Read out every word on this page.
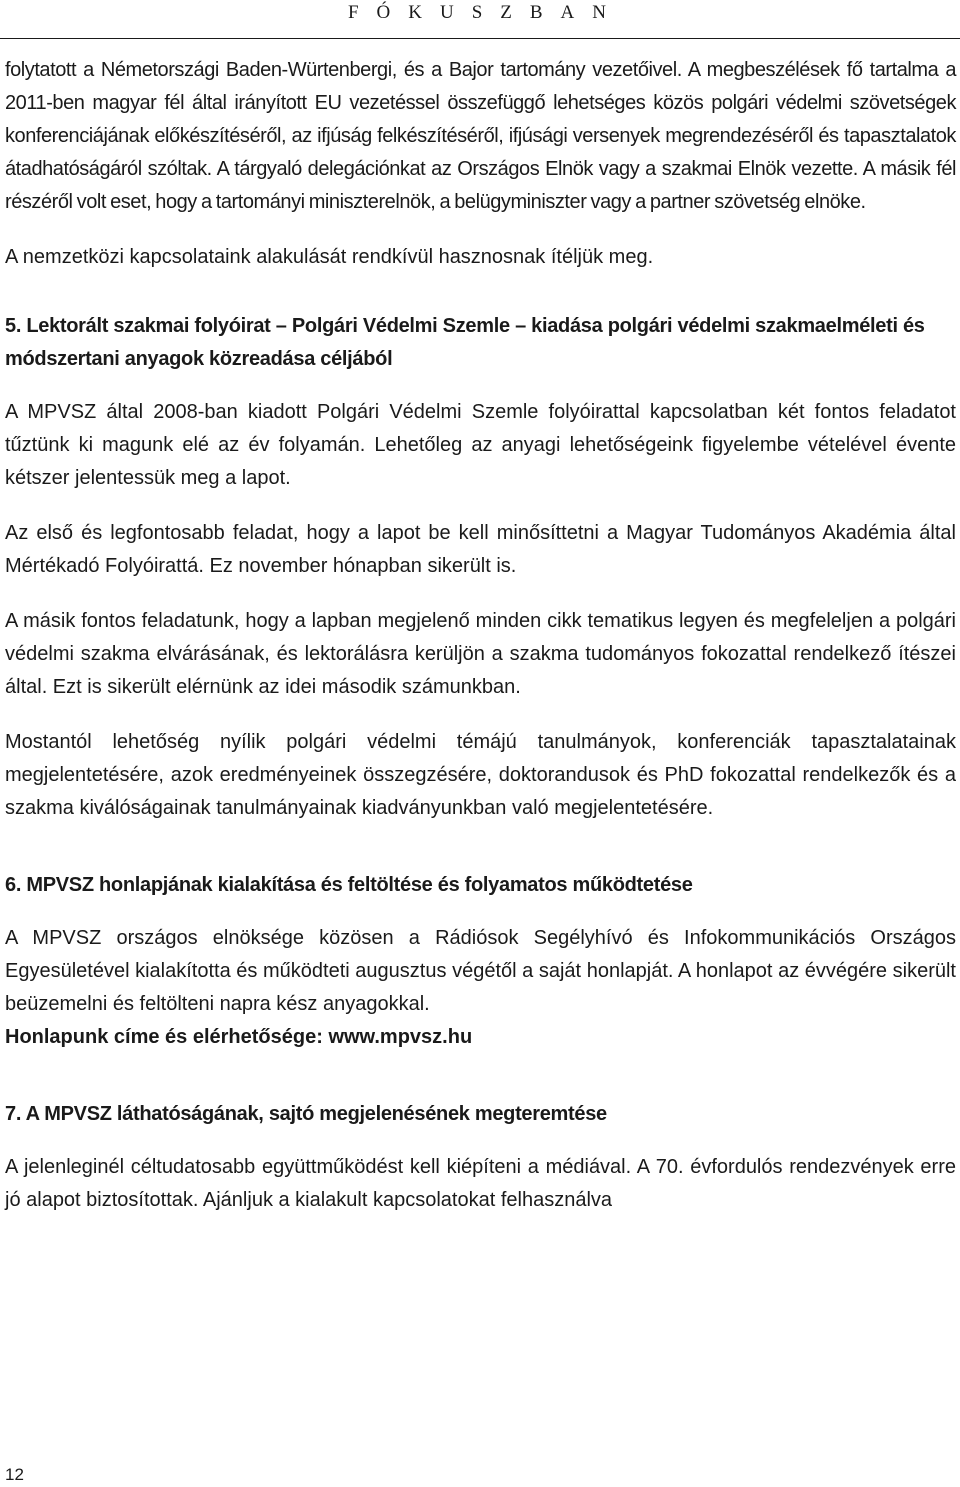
FÓKUSZBAN

folytatott a Németországi Baden-Würtenbergi, és a Bajor tartomány vezetőivel. A megbeszélések fő tartalma a 2011-ben magyar fél által irányított EU vezetéssel összefüggő lehetséges közös polgári védelmi szövetségek konferenciájának előkészítéséről, az ifjúság felkészítéséről, ifjúsági versenyek megrendezéséről és tapasztalatok átadhatóságáról szóltak. A tárgyaló delegációnkat az Országos Elnök vagy a szakmai Elnök vezette. A másik fél részéről volt eset, hogy a tartományi miniszterelnök, a belügyminiszter vagy a partner szövetség elnöke.

A nemzetközi kapcsolataink alakulását rendkívül hasznosnak ítéljük meg.

5. Lektorált szakmai folyóirat – Polgári Védelmi Szemle – kiadása polgári védelmi szakmaelméleti és módszertani anyagok közreadása céljából

A MPVSZ által 2008-ban kiadott Polgári Védelmi Szemle folyóirattal kapcsolatban két fontos feladatot tűztünk ki magunk elé az év folyamán. Lehetőleg az anyagi lehetőségeink figyelembe vételével évente kétszer jelentessük meg a lapot.

Az első és legfontosabb feladat, hogy a lapot be kell minősíttetni a Magyar Tudományos Akadémia által Mértékadó Folyóirattá. Ez november hónapban sikerült is.

A másik fontos feladatunk, hogy a lapban megjelenő minden cikk tematikus legyen és megfeleljen a polgári védelmi szakma elvárásának, és lektorálásra kerüljön a szakma tudományos fokozattal rendelkező ítészei által. Ezt is sikerült elérnünk az idei második számunkban.

Mostantól lehetőség nyílik polgári védelmi témájú tanulmányok, konferenciák tapasztalatainak megjelentetésére, azok eredményeinek összegzésére, doktorandusok és PhD fokozattal rendelkezők és a szakma kiválóságainak tanulmányainak kiadványunkban való megjelentetésére.

6. MPVSZ honlapjának kialakítása és feltöltése és folyamatos működtetése

A MPVSZ országos elnöksége közösen a Rádiósok Segélyhívó és Infokommunikációs Országos Egyesületével kialakította és működteti augusztus végétől a saját honlapját. A honlapot az évvégére sikerült beüzemelni és feltölteni napra kész anyagokkal.

Honlapunk címe és elérhetősége: www.mpvsz.hu

7. A MPVSZ láthatóságának, sajtó megjelenésének megteremtése

A jelenleginél céltudatosabb együttműködést kell kiépíteni a médiával. A 70. évfordulós rendezvények erre jó alapot biztosítottak. Ajánljuk a kialakult kapcsolatokat felhasználva

12
